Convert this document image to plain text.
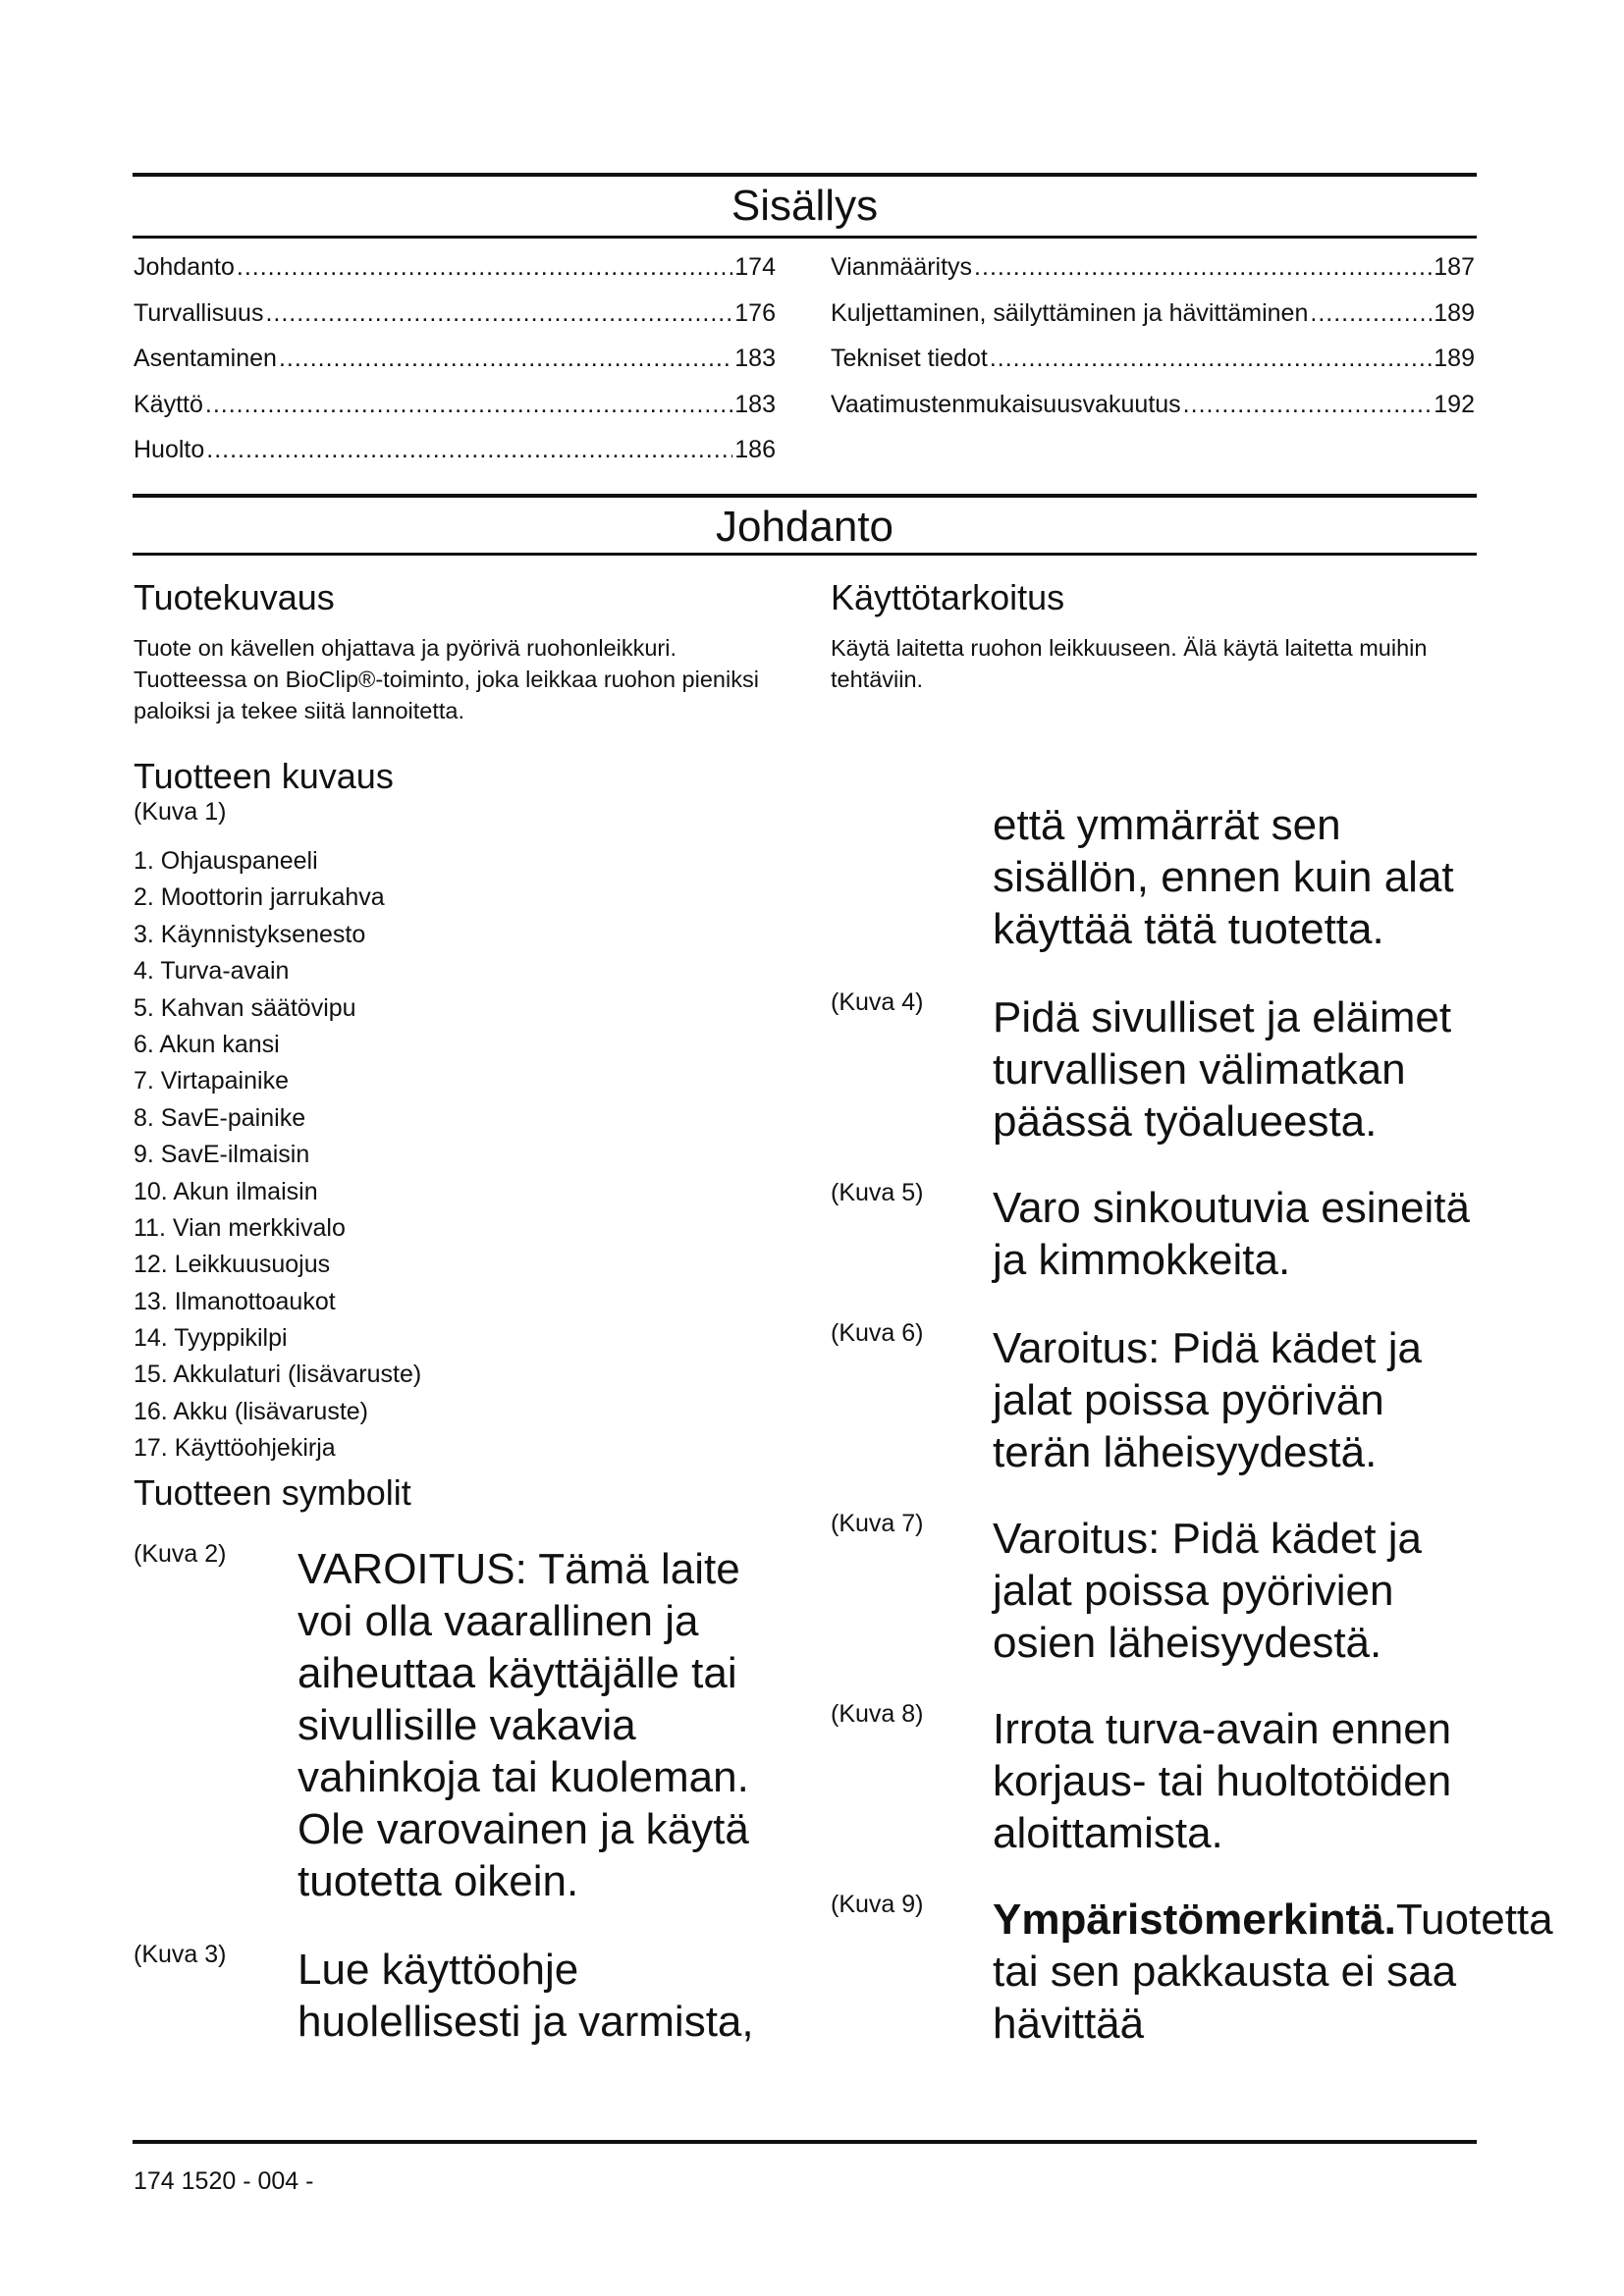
Sisällys
Johdanto .....	174
Turvallisuus .....	176
Asentaminen .....	183
Käyttö .....	183
Huolto .....	186
Vianmääritys .....	187
Kuljettaminen, säilyttäminen ja hävittäminen .....	189
Tekniset tiedot .....	189
Vaatimustenmukaisuusvakuutus .....	192
Johdanto
Tuotekuvaus
Tuote on kävellen ohjattava ja pyörivä ruohonleikkuri. Tuotteessa on BioClip®-toiminto, joka leikkaa ruohon pieniksi paloiksi ja tekee siitä lannoitetta.
Käyttötarkoitus
Käytä laitetta ruohon leikkuuseen. Älä käytä laitetta muihin tehtäviin.
Tuotteen kuvaus
(Kuva 1)
1. Ohjauspaneeli
2. Moottorin jarrukahva
3. Käynnistyksenesto
4. Turva-avain
5. Kahvan säätövipu
6. Akun kansi
7. Virtapainike
8. SavE-painike
9. SavE-ilmaisin
10. Akun ilmaisin
11. Vian merkkivalo
12. Leikkuusuojus
13. Ilmanottoaukot
14. Tyyppikilpi
15. Akkulaturi (lisävaruste)
16. Akku (lisävaruste)
17. Käyttöohjekirja
Tuotteen symbolit
(Kuva 2) VAROITUS: Tämä laite voi olla vaarallinen ja aiheuttaa käyttäjälle tai sivullisille vakavia vahinkoja tai kuoleman. Ole varovainen ja käytä tuotetta oikein.
(Kuva 3) Lue käyttöohje huolellisesti ja varmista,
että ymmärrät sen sisällön, ennen kuin alat käyttää tätä tuotetta.
(Kuva 4) Pidä sivulliset ja eläimet turvallisen välimatkan päässä työalueesta.
(Kuva 5) Varo sinkoutuvia esineitä ja kimmokkeita.
(Kuva 6) Varoitus: Pidä kädet ja jalat poissa pyörivän terän läheisyydestä.
(Kuva 7) Varoitus: Pidä kädet ja jalat poissa pyörivien osien läheisyydestä.
(Kuva 8) Irrota turva-avain ennen korjaus- tai huoltotöiden aloittamista.
(Kuva 9) Ympäristömerkintä.Tuotetta tai sen pakkausta ei saa hävittää
174 1520 - 004 -
